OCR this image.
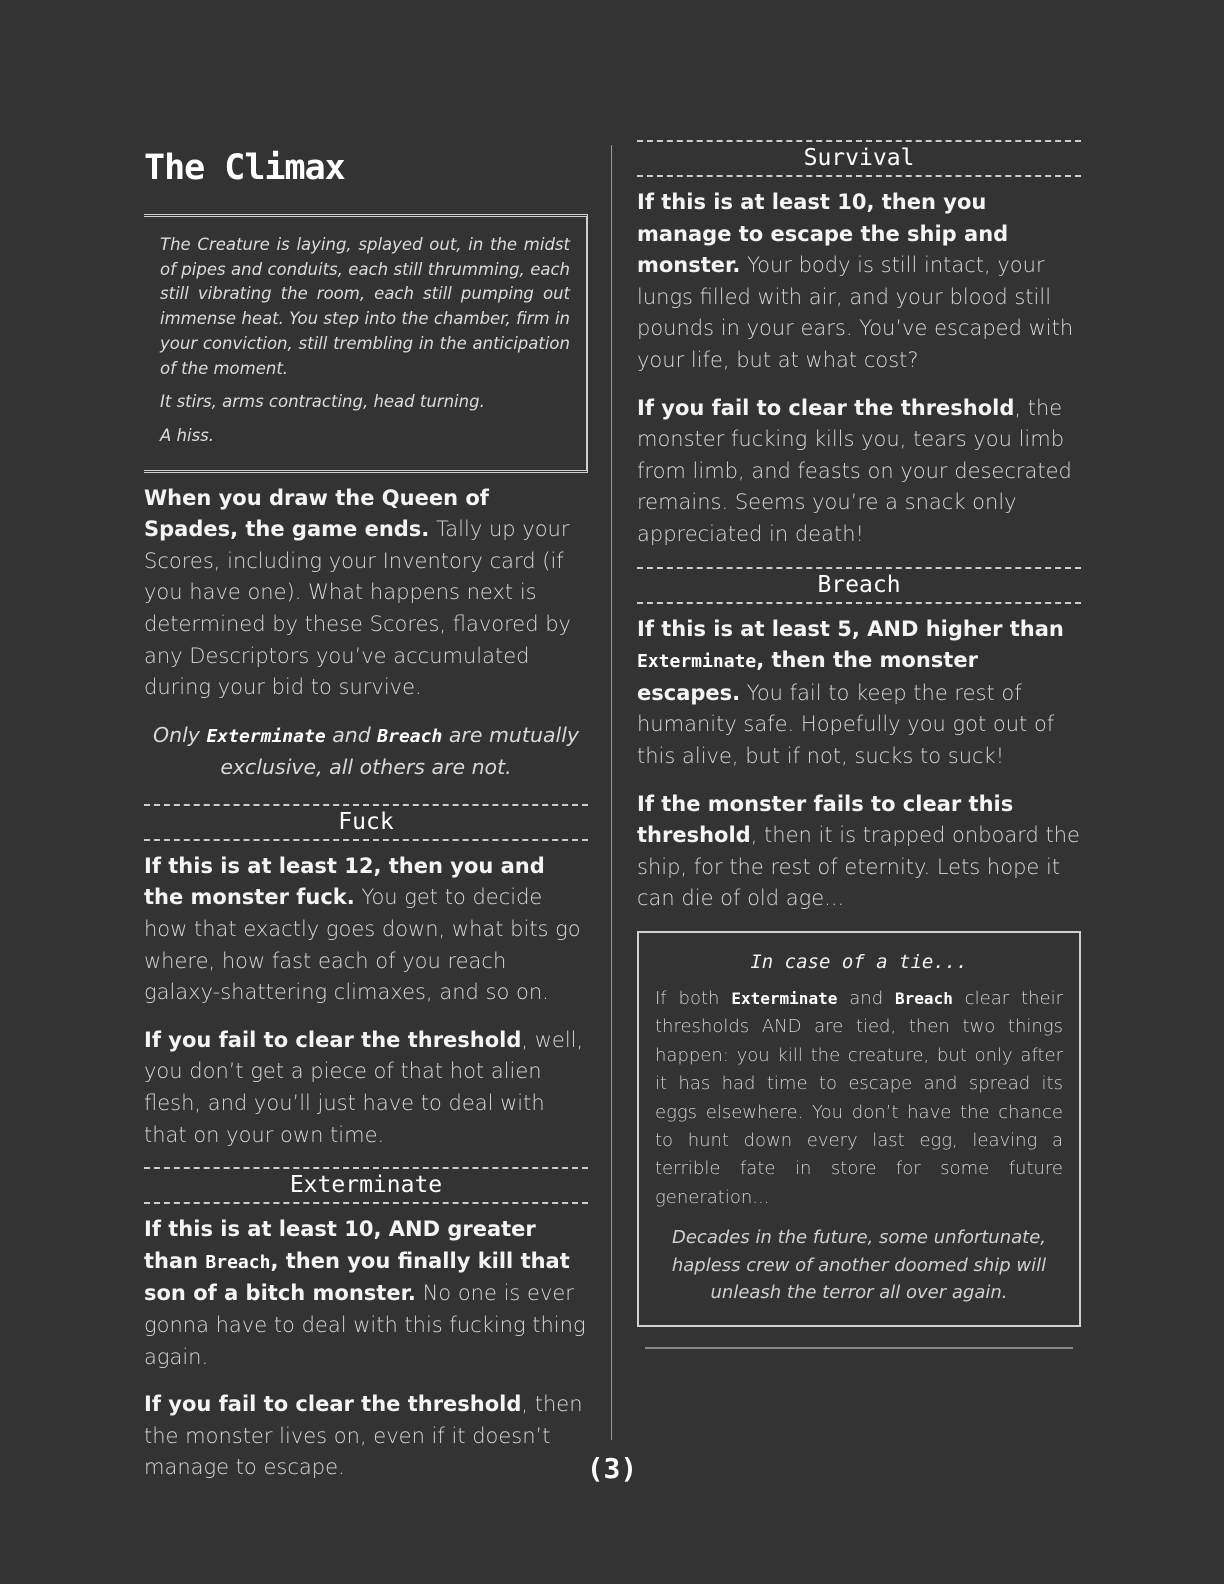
The Climax

The Creature is laying, splayed out, in the midst of pipes and conduits, each still thrumming, each still vibrating the room, each still pumping out immense heat. You step into the chamber, firm in your conviction, still trembling in the anticipation of the moment.

It stirs, arms contracting, head turning.

A hiss.

When you draw the Queen of Spades, the game ends. Tally up your Scores, including your Inventory card (if you have one). What happens next is determined by these Scores, flavored by any Descriptors you’ve accumulated during your bid to survive.

Only Exterminate and Breach are mutually exclusive, all others are not.

Fuck

If this is at least 12, then you and the monster fuck. You get to decide how that exactly goes down, what bits go where, how fast each of you reach galaxy-shattering climaxes, and so on.

If you fail to clear the threshold, well, you don’t get a piece of that hot alien flesh, and you’ll just have to deal with that on your own time.

Exterminate

If this is at least 10, AND greater than Breach, then you finally kill that son of a bitch monster. No one is ever gonna have to deal with this fucking thing again.

If you fail to clear the threshold, then the monster lives on, even if it doesn’t manage to escape.

Survival

If this is at least 10, then you manage to escape the ship and monster. Your body is still intact, your lungs filled with air, and your blood still pounds in your ears. You’ve escaped with your life, but at what cost?

If you fail to clear the threshold, the monster fucking kills you, tears you limb from limb, and feasts on your desecrated remains. Seems you’re a snack only appreciated in death!

Breach

If this is at least 5, AND higher than Exterminate, then the monster escapes. You fail to keep the rest of humanity safe. Hopefully you got out of this alive, but if not, sucks to suck!

If the monster fails to clear this threshold, then it is trapped onboard the ship, for the rest of eternity. Lets hope it can die of old age...

In case of a tie...

If both Exterminate and Breach clear their thresholds AND are tied, then two things happen: you kill the creature, but only after it has had time to escape and spread its eggs elsewhere. You don’t have the chance to hunt down every last egg, leaving a terrible fate in store for some future generation...

Decades in the future, some unfortunate, hapless crew of another doomed ship will unleash the terror all over again.

(3)
